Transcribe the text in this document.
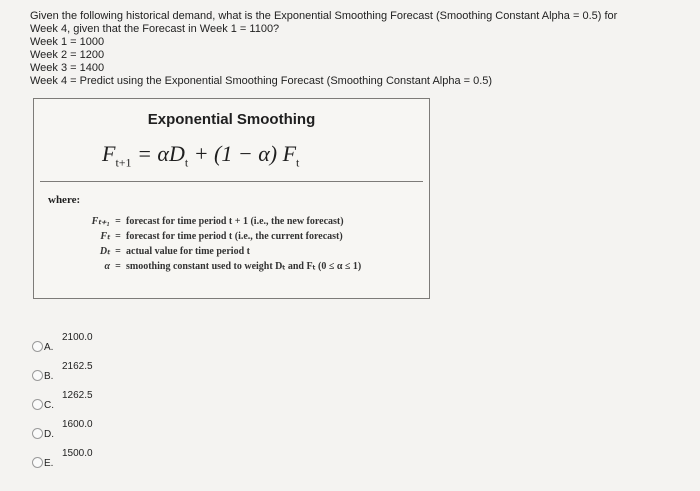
Given the following historical demand, what is the Exponential Smoothing Forecast (Smoothing Constant Alpha = 0.5) for
Week 4, given that the Forecast in Week 1 = 1100?
Week 1 = 1000
Week 2 = 1200
Week 3 = 1400
Week 4 = Predict using the Exponential Smoothing Forecast (Smoothing Constant Alpha = 0.5)
Exponential Smoothing
$F_{t+1} = \alpha D_t + (1 - \alpha)$ $F_t$
where:
Fₜ₊₁ = forecast for time period t + 1 (i.e., the new forecast)
Fₜ = forecast for time period t (i.e., the current forecast)
Dₜ = actual value for time period t
α = smoothing constant used to weight Dₜ and Fₜ (0 ≤ α ≤ 1)
A.
2100.0
B.
2162.5
C.
1262.5
D.
1600.0
E.
1500.0
